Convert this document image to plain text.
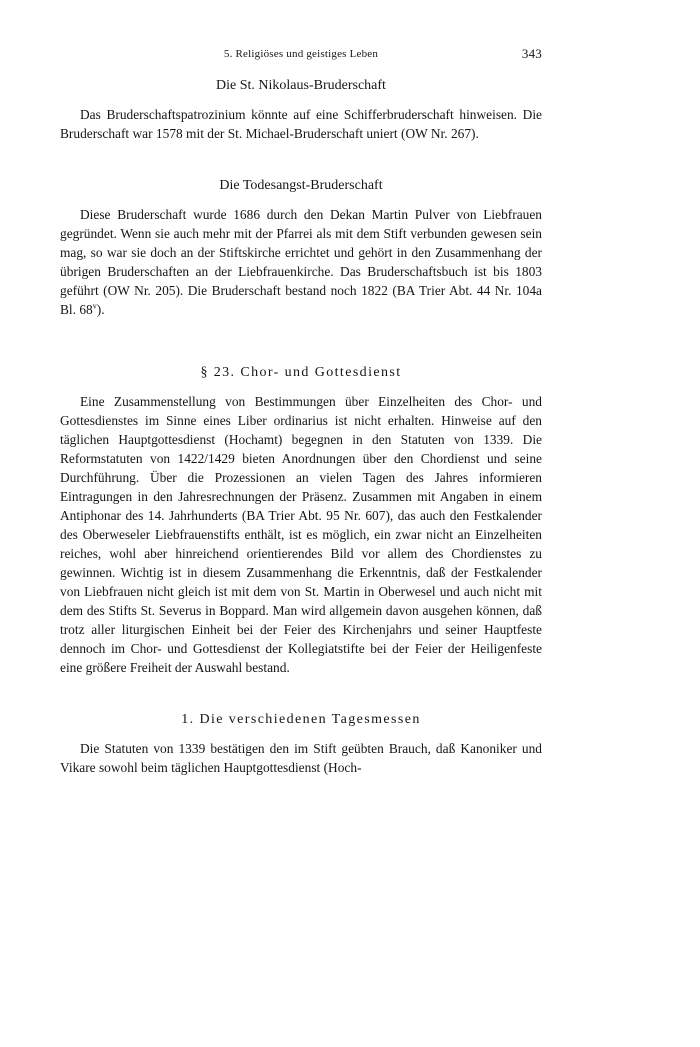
5. Religiöses und geistiges Leben	343

Die St. Nikolaus-Bruderschaft

Das Bruderschaftspatrozinium könnte auf eine Schifferbruderschaft hinweisen. Die Bruderschaft war 1578 mit der St. Michael-Bruderschaft uniert (OW Nr. 267).

Die Todesangst-Bruderschaft

Diese Bruderschaft wurde 1686 durch den Dekan Martin Pulver von Liebfrauen gegründet. Wenn sie auch mehr mit der Pfarrei als mit dem Stift verbunden gewesen sein mag, so war sie doch an der Stiftskirche errichtet und gehört in den Zusammenhang der übrigen Bruderschaften an der Liebfrauenkirche. Das Bruderschaftsbuch ist bis 1803 geführt (OW Nr. 205). Die Bruderschaft bestand noch 1822 (BA Trier Abt. 44 Nr. 104a Bl. 68$^v$).

§ 23. Chor- und Gottesdienst

Eine Zusammenstellung von Bestimmungen über Einzelheiten des Chor- und Gottesdienstes im Sinne eines Liber ordinarius ist nicht erhalten. Hinweise auf den täglichen Hauptgottesdienst (Hochamt) begegnen in den Statuten von 1339. Die Reformstatuten von 1422/1429 bieten Anordnungen über den Chordienst und seine Durchführung. Über die Prozessionen an vielen Tagen des Jahres informieren Eintragungen in den Jahresrechnungen der Präsenz. Zusammen mit Angaben in einem Antiphonar des 14. Jahrhunderts (BA Trier Abt. 95 Nr. 607), das auch den Festkalender des Oberweseler Liebfrauenstifts enthält, ist es möglich, ein zwar nicht an Einzelheiten reiches, wohl aber hinreichend orientierendes Bild vor allem des Chordienstes zu gewinnen. Wichtig ist in diesem Zusammenhang die Erkenntnis, daß der Festkalender von Liebfrauen nicht gleich ist mit dem von St. Martin in Oberwesel und auch nicht mit dem des Stifts St. Severus in Boppard. Man wird allgemein davon ausgehen können, daß trotz aller liturgischen Einheit bei der Feier des Kirchenjahrs und seiner Hauptfeste dennoch im Chor- und Gottesdienst der Kollegiatstifte bei der Feier der Heiligenfeste eine größere Freiheit der Auswahl bestand.

1. Die verschiedenen Tagesmessen

Die Statuten von 1339 bestätigen den im Stift geübten Brauch, daß Kanoniker und Vikare sowohl beim täglichen Hauptgottesdienst (Hoch-
